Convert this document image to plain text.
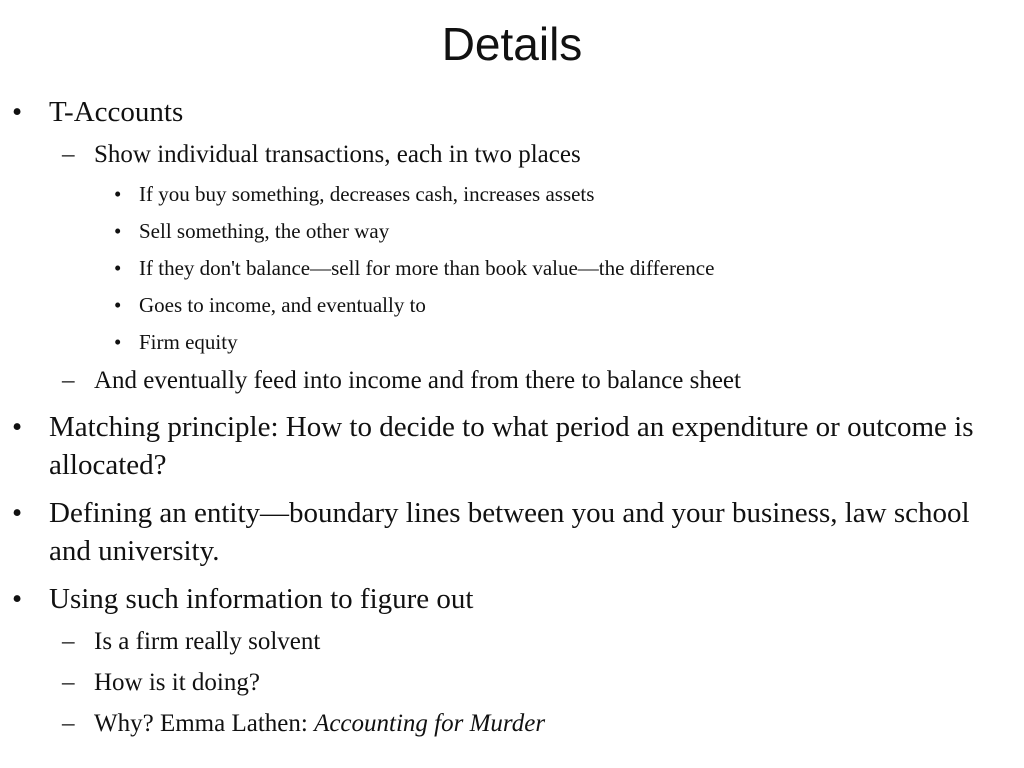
Details
• T-Accounts
– Show individual transactions, each in two places
• If you buy something, decreases cash, increases assets
• Sell something, the other way
• If they don't balance—sell for more than book value—the difference
• Goes to income, and eventually to
• Firm equity
– And eventually feed into income and from there to balance sheet
• Matching principle: How to decide to what period an expenditure or outcome is allocated?
• Defining an entity—boundary lines between you and your business, law school and university.
• Using such information to figure out
– Is a firm really solvent
– How is it doing?
– Why? Emma Lathen: Accounting for Murder
